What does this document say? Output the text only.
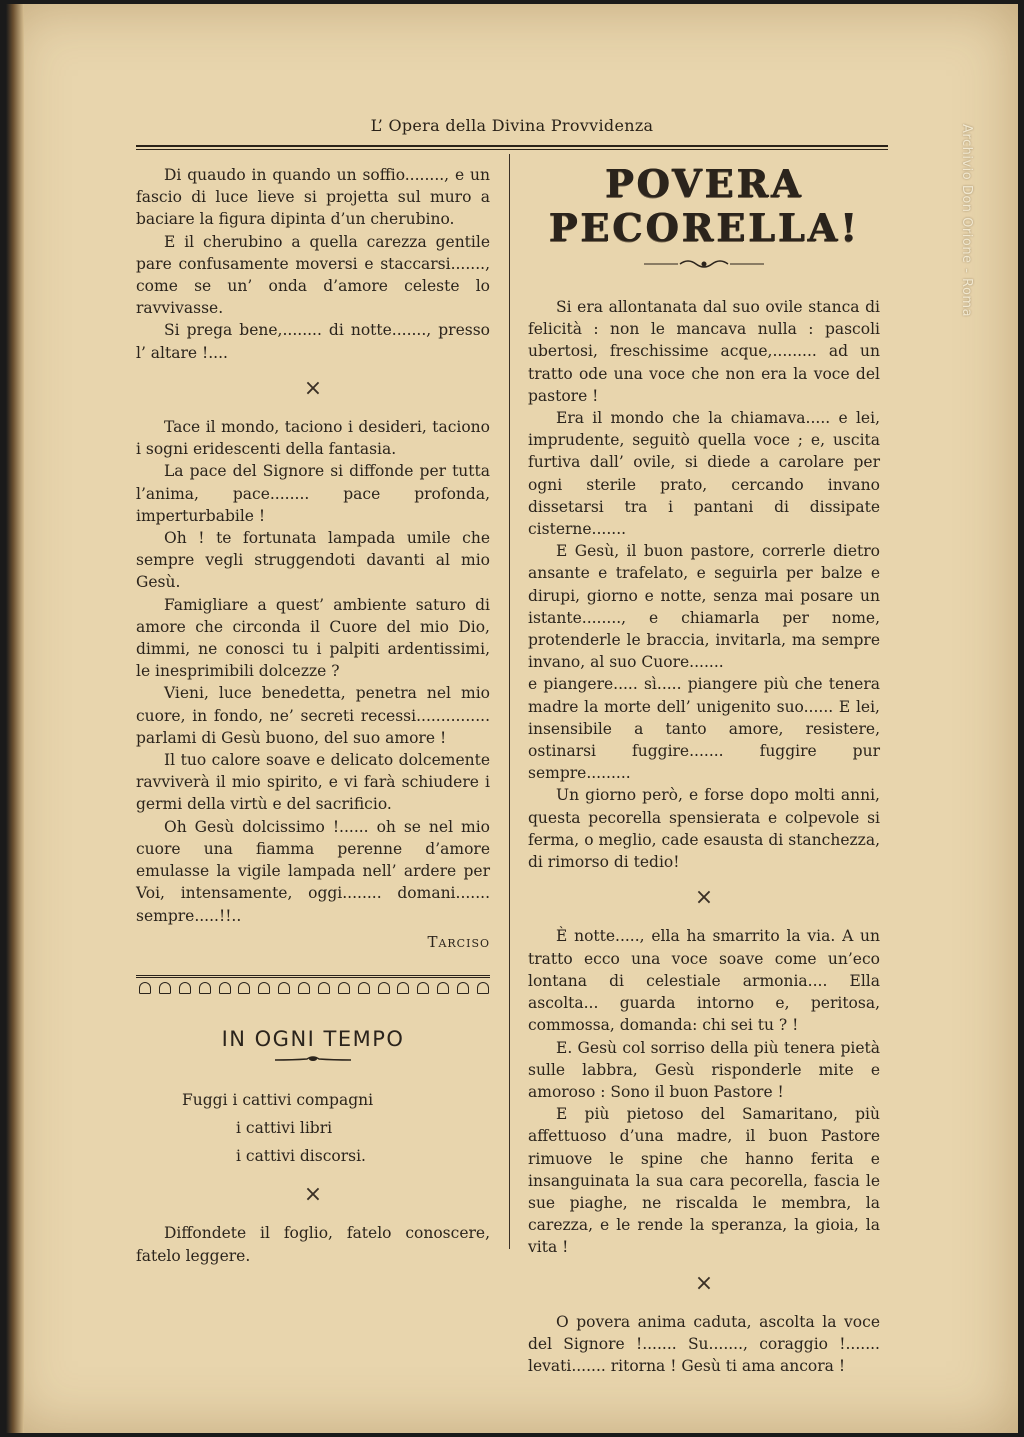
L’ Opera della Divina Provvidenza	Archivio Don Orione - Roma

Di quaudo in quando un soffio........, e un fascio di luce lieve si projetta sul muro a baciare la figura dipinta d’un cherubino.

E il cherubino a quella carezza gentile pare confusamente moversi e staccarsi......., come se un’ onda d’amore celeste lo ravvivasse.

Si prega bene,........ di notte......., presso l’ altare !....

×

Tace il mondo, taciono i desideri, taciono i sogni eridescenti della fantasia.

La pace del Signore si diffonde per tutta l’anima, pace........ pace profonda, imperturbabile !

Oh ! te fortunata lampada umile che sempre vegli struggendoti davanti al mio Gesù.

Famigliare a quest’ ambiente saturo di amore che circonda il Cuore del mio Dio, dimmi, ne conosci tu i palpiti ardentissimi, le inesprimibili dolcezze ?

Vieni, luce benedetta, penetra nel mio cuore, in fondo, ne’ secreti recessi............... parlami di Gesù buono, del suo amore !

Il tuo calore soave e delicato dolcemente ravviverà il mio spirito, e vi farà schiudere i germi della virtù e del sacrificio.

Oh Gesù dolcissimo !...... oh se nel mio cuore una fiamma perenne d’amore emulasse la vigile lampada nell’ ardere per Voi, intensamente, oggi........ domani....... sempre.....!!..

Tarciso
IN OGNI TEMPO

Fuggi i cattivi compagni

i cattivi libri

i cattivi discorsi.

×

Diffondete il foglio, fatelo conoscere, fatelo leggere.

POVERA PECORELLA!

Si era allontanata dal suo ovile stanca di felicità : non le mancava nulla : pascoli ubertosi, freschissime acque,......... ad un tratto ode una voce che non era la voce del pastore !

Era il mondo che la chiamava..... e lei, imprudente, seguitò quella voce ; e, uscita furtiva dall’ ovile, si diede a carolare per ogni sterile prato, cercando invano dissetarsi tra i pantani di dissipate cisterne.......

E Gesù, il buon pastore, correrle dietro ansante e trafelato, e seguirla per balze e dirupi, giorno e notte, senza mai posare un istante........, e chiamarla per nome, protenderle le braccia, invitarla, ma sempre invano, al suo Cuore.......

e piangere..... sì..... piangere più che tenera madre la morte dell’ unigenito suo...... E lei, insensibile a tanto amore, resistere, ostinarsi fuggire....... fuggire pur sempre.........

Un giorno però, e forse dopo molti anni, questa pecorella spensierata e colpevole si ferma, o meglio, cade esausta di stanchezza, di rimorso di tedio!

×

È notte....., ella ha smarrito la via. A un tratto ecco una voce soave come un’eco lontana di celestiale armonia.... Ella ascolta... guarda intorno e, peritosa, commossa, domanda: chi sei tu ? !

E. Gesù col sorriso della più tenera pietà sulle labbra, Gesù risponderle mite e amoroso : Sono il buon Pastore !

E più pietoso del Samaritano, più affettuoso d’una madre, il buon Pastore rimuove le spine che hanno ferita e insanguinata la sua cara pecorella, fascia le sue piaghe, ne riscalda le membra, la carezza, e le rende la speranza, la gioia, la vita !

×

O povera anima caduta, ascolta la voce del Signore !....... Su......., coraggio !....... levati....... ritorna ! Gesù ti ama ancora !
